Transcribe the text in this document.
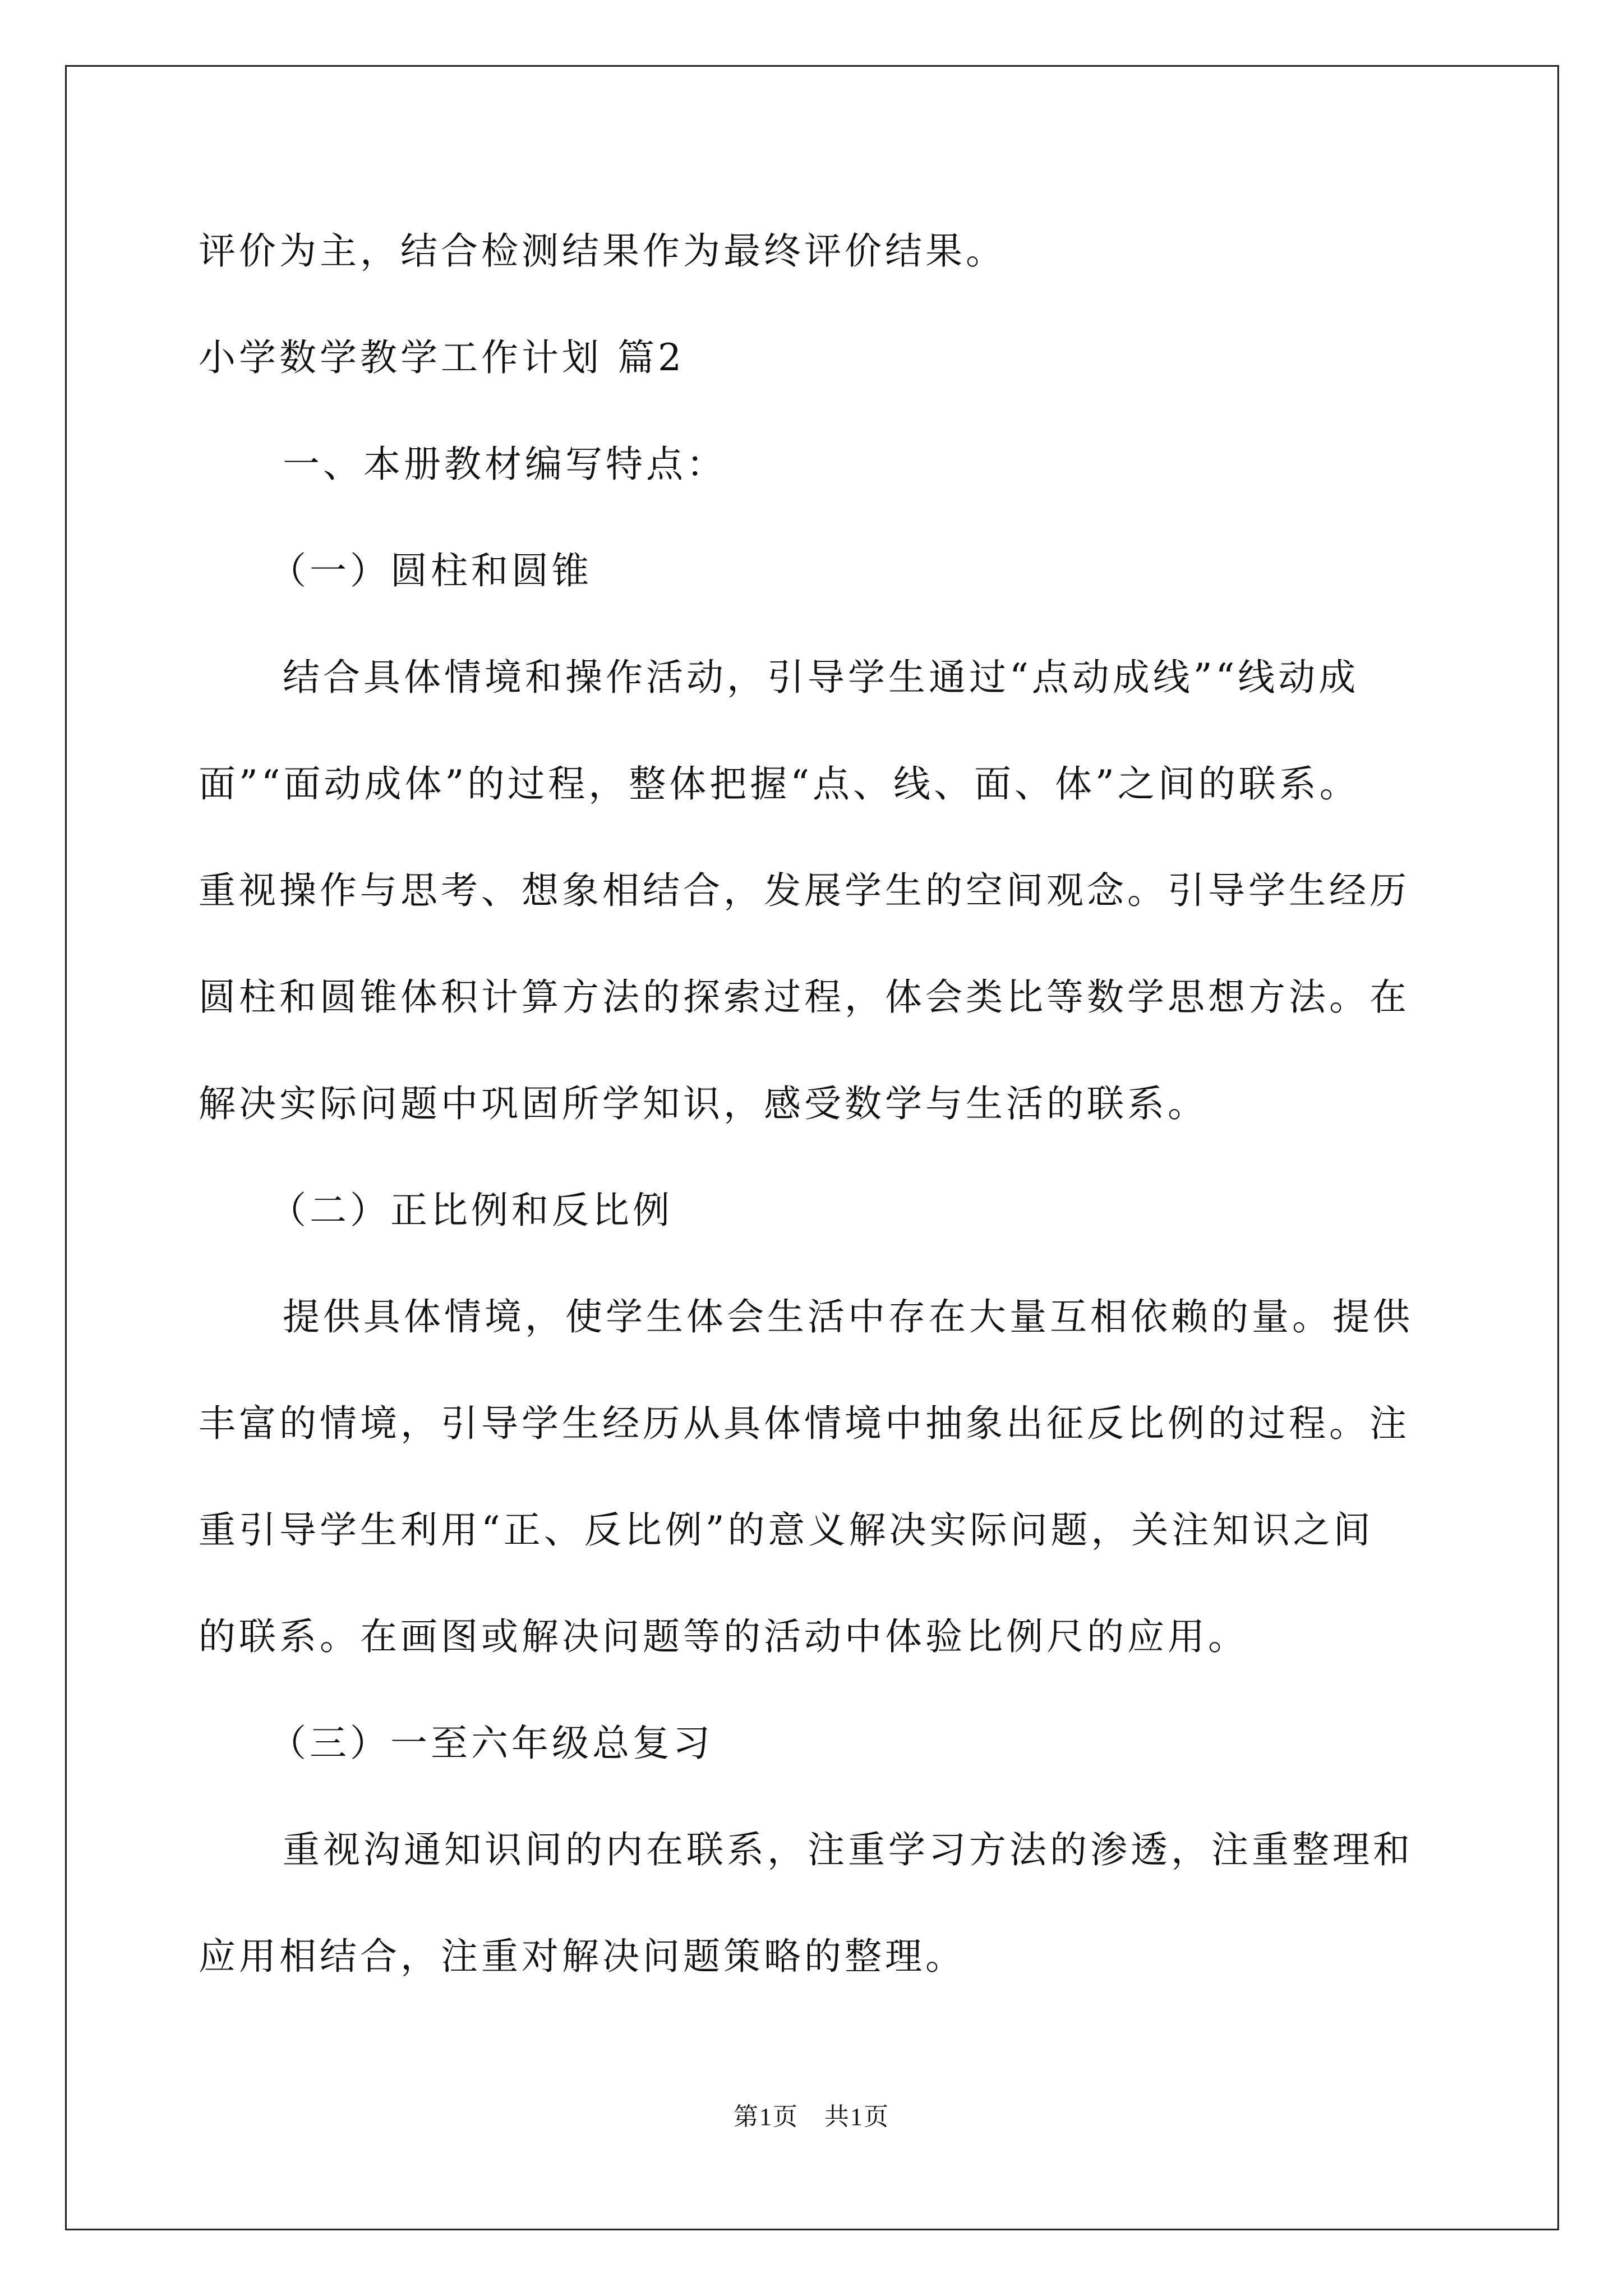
评价为主，结合检测结果作为最终评价结果。
小学数学教学工作计划 篇2
一、本册教材编写特点：
（一）圆柱和圆锥
结合具体情境和操作活动，引导学生通过“点动成线”“线动成
面”“面动成体”的过程，整体把握“点、线、面、体”之间的联系。
重视操作与思考、想象相结合，发展学生的空间观念。引导学生经历
圆柱和圆锥体积计算方法的探索过程，体会类比等数学思想方法。在
解决实际问题中巩固所学知识，感受数学与生活的联系。
（二）正比例和反比例
提供具体情境，使学生体会生活中存在大量互相依赖的量。提供
丰富的情境，引导学生经历从具体情境中抽象出征反比例的过程。注
重引导学生利用“正、反比例”的意义解决实际问题，关注知识之间
的联系。在画图或解决问题等的活动中体验比例尺的应用。
（三）一至六年级总复习
重视沟通知识间的内在联系，注重学习方法的渗透，注重整理和
应用相结合，注重对解决问题策略的整理。
第1页　共1页
